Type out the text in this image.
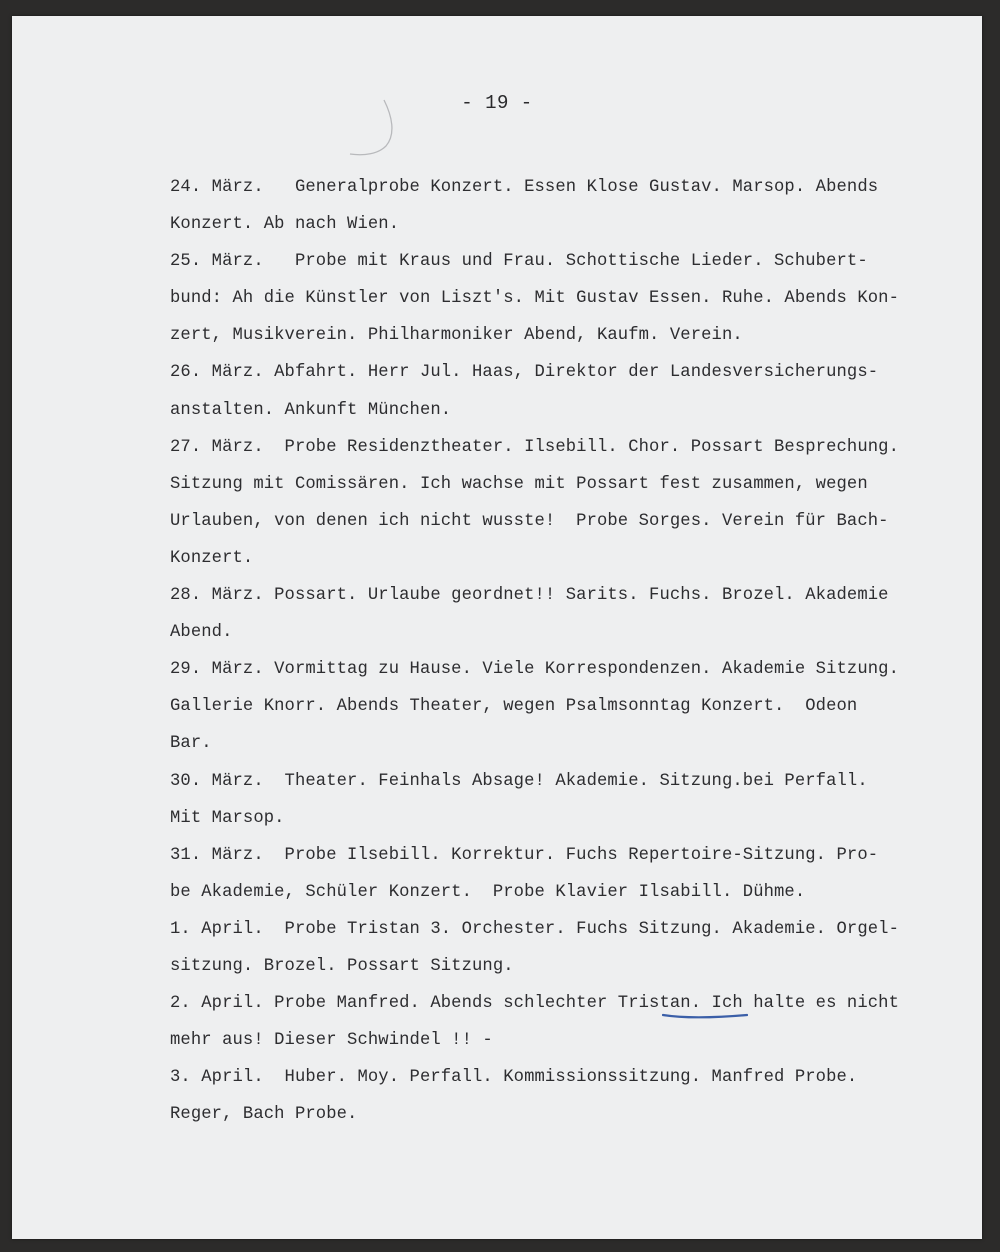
- 19 -
24. März.   Generalprobe Konzert. Essen Klose Gustav. Marsop. Abends
Konzert. Ab nach Wien.
25. März.   Probe mit Kraus und Frau. Schottische Lieder. Schubert-
bund: Ah die Künstler von Liszt's. Mit Gustav Essen. Ruhe. Abends Kon-
zert, Musikverein. Philharmoniker Abend, Kaufm. Verein.
26. März. Abfahrt. Herr Jul. Haas, Direktor der Landesversicherungs-
anstalten. Ankunft München.
27. März.  Probe Residenztheater. Ilsebill. Chor. Possart Besprechung.
Sitzung mit Comissären. Ich wachse mit Possart fest zusammen, wegen
Urlauben, von denen ich nicht wusste!  Probe Sorges. Verein für Bach-
Konzert.
28. März. Possart. Urlaube geordnet!! Sarits. Fuchs. Brozel. Akademie
Abend.
29. März. Vormittag zu Hause. Viele Korrespondenzen. Akademie Sitzung.
Gallerie Knorr. Abends Theater, wegen Psalmsonntag Konzert.  Odeon
Bar.
30. März.  Theater. Feinhals Absage! Akademie. Sitzung.bei Perfall.
Mit Marsop.
31. März.  Probe Ilsebill. Korrektur. Fuchs Repertoire-Sitzung. Pro-
be Akademie, Schüler Konzert.  Probe Klavier Ilsabill. Dühme.
1. April.  Probe Tristan 3. Orchester. Fuchs Sitzung. Akademie. Orgel-
sitzung. Brozel. Possart Sitzung.
2. April. Probe Manfred. Abends schlechter Tristan. Ich halte es nicht
mehr aus! Dieser Schwindel !! -
3. April.  Huber. Moy. Perfall. Kommissionssitzung. Manfred Probe.
Reger, Bach Probe.
